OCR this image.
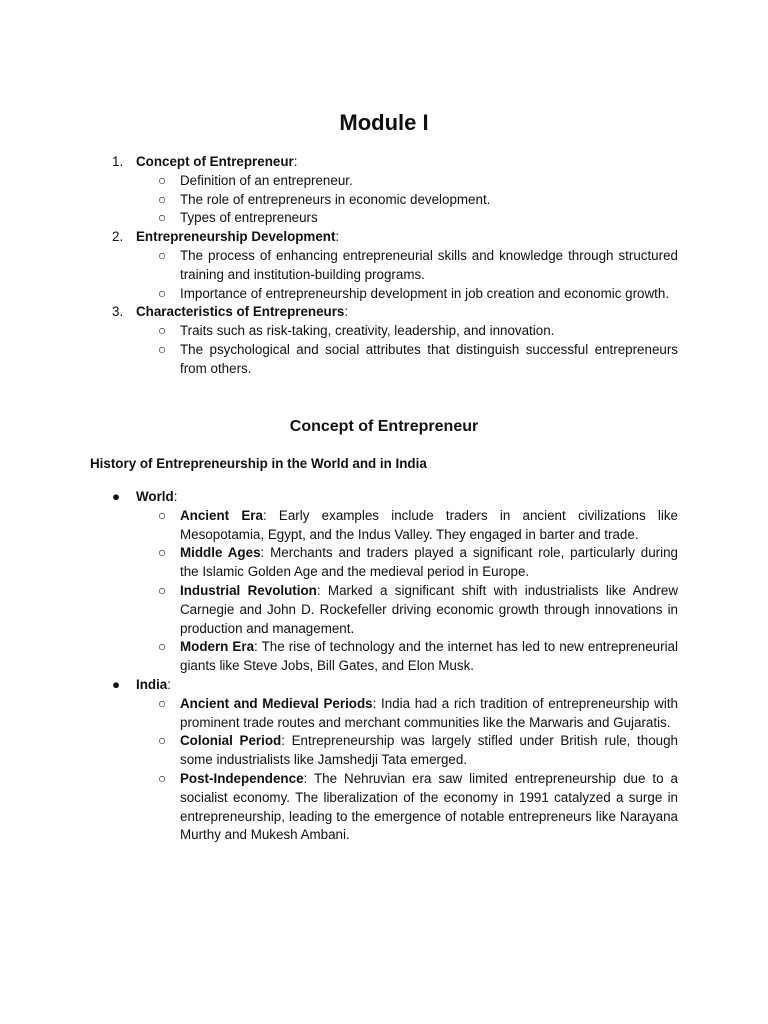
Module I
1. Concept of Entrepreneur:
○ Definition of an entrepreneur.
○ The role of entrepreneurs in economic development.
○ Types of entrepreneurs
2. Entrepreneurship Development:
○ The process of enhancing entrepreneurial skills and knowledge through structured training and institution-building programs.
○ Importance of entrepreneurship development in job creation and economic growth.
3. Characteristics of Entrepreneurs:
○ Traits such as risk-taking, creativity, leadership, and innovation.
○ The psychological and social attributes that distinguish successful entrepreneurs from others.
Concept of Entrepreneur
History of Entrepreneurship in the World and in India
● World:
○ Ancient Era: Early examples include traders in ancient civilizations like Mesopotamia, Egypt, and the Indus Valley. They engaged in barter and trade.
○ Middle Ages: Merchants and traders played a significant role, particularly during the Islamic Golden Age and the medieval period in Europe.
○ Industrial Revolution: Marked a significant shift with industrialists like Andrew Carnegie and John D. Rockefeller driving economic growth through innovations in production and management.
○ Modern Era: The rise of technology and the internet has led to new entrepreneurial giants like Steve Jobs, Bill Gates, and Elon Musk.
● India:
○ Ancient and Medieval Periods: India had a rich tradition of entrepreneurship with prominent trade routes and merchant communities like the Marwaris and Gujaratis.
○ Colonial Period: Entrepreneurship was largely stifled under British rule, though some industrialists like Jamshedji Tata emerged.
○ Post-Independence: The Nehruvian era saw limited entrepreneurship due to a socialist economy. The liberalization of the economy in 1991 catalyzed a surge in entrepreneurship, leading to the emergence of notable entrepreneurs like Narayana Murthy and Mukesh Ambani.
